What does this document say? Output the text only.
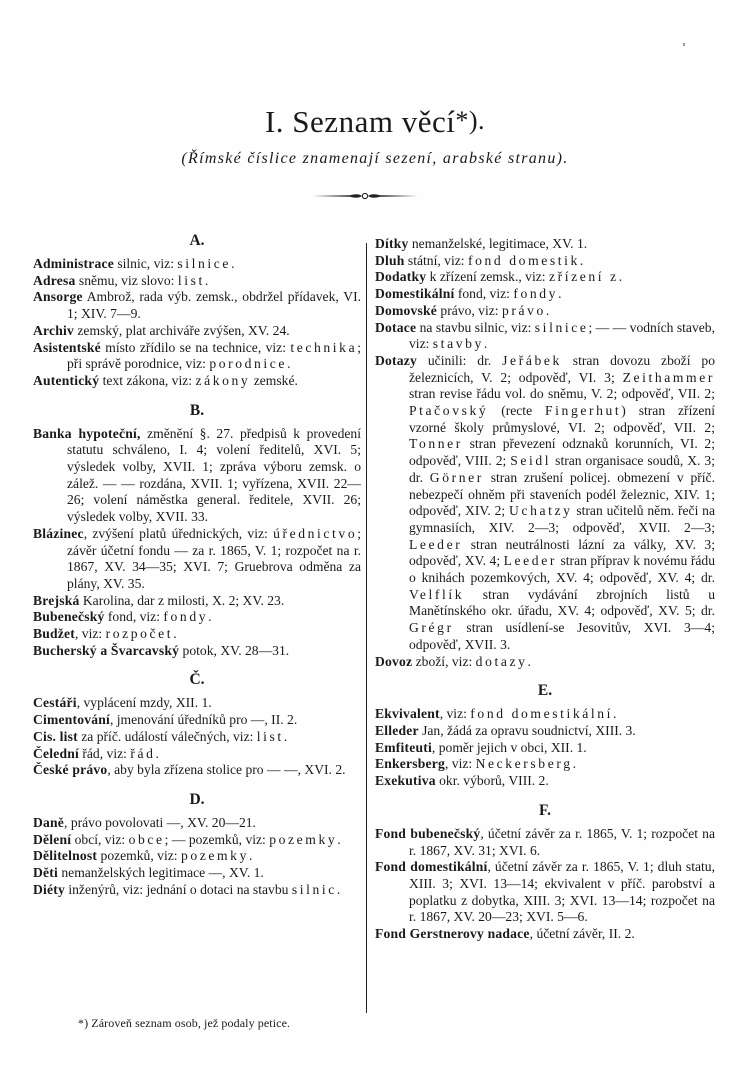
I. Seznam věcí*).
(Římské číslice znamenají sezení, arabské stranu).
A.
Administrace silnic, viz: silnice.
Adresa sněmu, viz slovo: list.
Ansorge Ambrož, rada výb. zemsk., obdržel přídavek, VI. 1; XIV. 7—9.
Archiv zemský, plat archiváře zvýšen, XV. 24.
Asistentské místo zřídilo se na technice, viz: technika; při správě porodnice, viz: porodnice.
Autentický text zákona, viz: zákony zemské.
B.
Banka hypoteční, změnění §. 27. předpisů k provedení statutu schváleno, I. 4; volení ředitelů, XVI. 5; výsledek volby, XVII. 1; zpráva výboru zemsk. o zálež. — — rozdána, XVII. 1; vyřízena, XVII. 22—26; volení náměstka general. ředitele, XVII. 26; výsledek volby, XVII. 33.
Blázinec, zvýšení platů úřednických, viz: úřednictvo; závěr účetní fondu — za r. 1865, V. 1; rozpočet na r. 1867, XV. 34—35; XVI. 7; Gruebrova odměna za plány, XV. 35.
Brejská Karolina, dar z milosti, X. 2; XV. 23.
Bubenečský fond, viz: fondy.
Budžet, viz: rozpočet.
Bucherský a Švarcavský potok, XV. 28—31.
Č.
Cestáři, vyplácení mzdy, XII. 1.
Cimentování, jmenování úředníků pro —, II. 2.
Cis. list za příč. událostí válečných, viz: list.
Čelední řád, viz: řád.
České právo, aby byla zřízena stolice pro — —, XVI. 2.
D.
Daně, právo povolovati —, XV. 20—21.
Dělení obcí, viz: obce; — pozemků, viz: pozemky.
Dělitelnost pozemků, viz: pozemky.
Děti nemanželských legitimace —, XV. 1.
Diéty inženýrů, viz: jednání o dotaci na stavbu silnic.
Dítky nemanželské, legitimace, XV. 1.
Dluh státní, viz: fond domestik.
Dodatky k zřízení zemsk., viz: zřízení z.
Domestikální fond, viz: fondy.
Domovské právo, viz: právo.
Dotace na stavbu silnic, viz: silnice; — — vodních staveb, viz: stavby.
Dotazy učinili: dr. Jeřábek stran dovozu zboží po železnicích, V. 2; odpověď, VI. 3; Zeithammer stran revise řádu vol. do sněmu, V. 2; odpověď, VII. 2; Ptačovský (recte Fingerhut) stran zřízení vzorné školy průmyslové, VI. 2; odpověď, VII. 2; Tonner stran převezení odznaků korunních, VI. 2; odpověď, VIII. 2; Seidl stran organisace soudů, X. 3; dr. Görner stran zrušení policej. obmezení v příč. nebezpečí ohněm při staveních podél železnic, XIV. 1; odpověď, XIV. 2; Uchatzy stran učitelů něm. řeči na gymnasiích, XIV. 2—3; odpověď, XVII. 2—3; Leeder stran neutrálnosti lázní za války, XV. 3; odpověď, XV. 4; Leeder stran příprav k novému řádu o knihách pozemkových, XV. 4; odpověď, XV. 4; dr. Velflík stran vydávání zbrojních listů u Manětínského okr. úřadu, XV. 4; odpověď, XV. 5; dr. Grégr stran usídlení-se Jesovitův, XVI. 3—4; odpověď, XVII. 3.
Dovoz zboží, viz: dotazy.
E.
Ekvivalent, viz: fond domestikální.
Elleder Jan, žádá za opravu soudnictví, XIII. 3.
Emfiteuti, poměr jejich v obci, XII. 1.
Enkersberg, viz: Neckersberg.
Exekutiva okr. výborů, VIII. 2.
F.
Fond bubenečský, účetní závěr za r. 1865, V. 1; rozpočet na r. 1867, XV. 31; XVI. 6.
Fond domestikální, účetní závěr za r. 1865, V. 1; dluh statu, XIII. 3; XVI. 13—14; ekvivalent v příč. parobství a poplatku z dobytka, XIII. 3; XVI. 13—14; rozpočet na r. 1867, XV. 20—23; XVI. 5—6.
Fond Gerstnerovy nadace, účetní závěr, II. 2.
*) Zároveň seznam osob, jež podaly petice.
